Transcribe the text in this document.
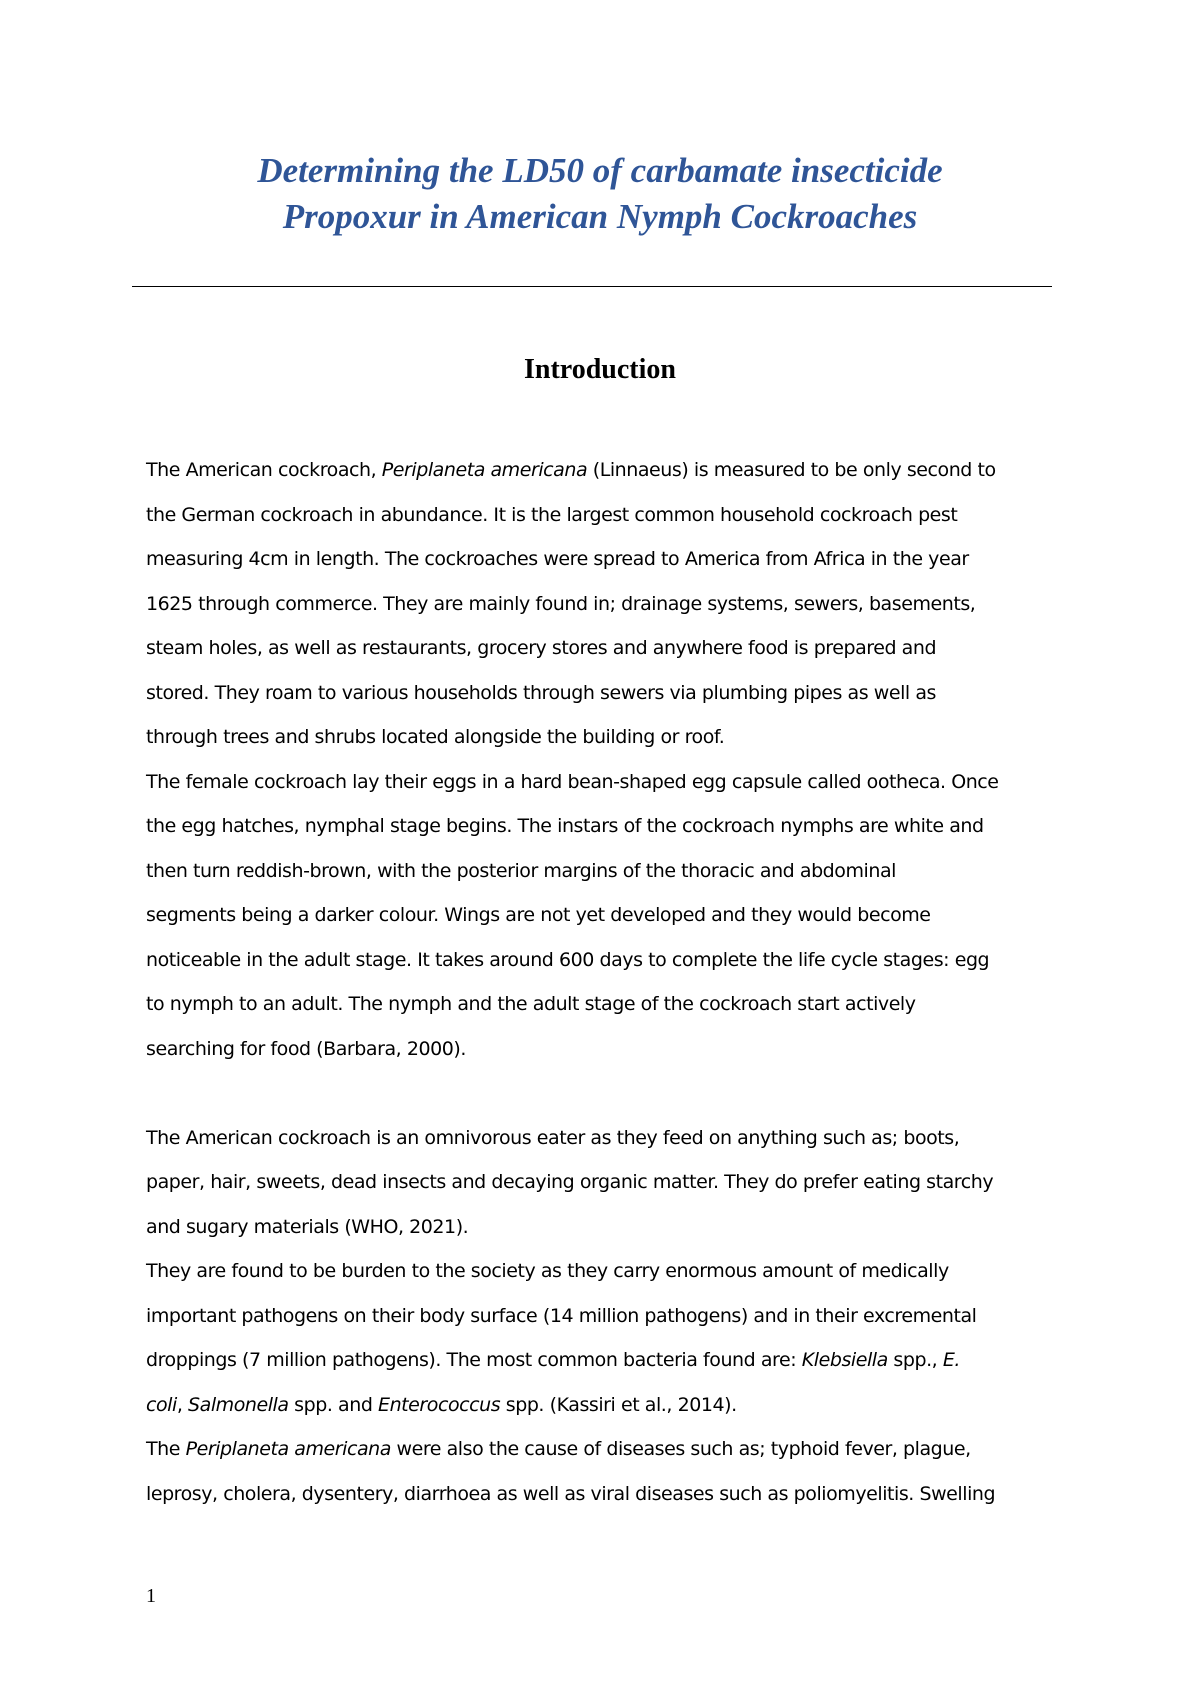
Determining the LD50 of carbamate insecticide
Propoxur in American Nymph Cockroaches
Introduction
The American cockroach, Periplaneta americana (Linnaeus) is measured to be only second to
the German cockroach in abundance. It is the largest common household cockroach pest
measuring 4cm in length. The cockroaches were spread to America from Africa in the year
1625 through commerce. They are mainly found in; drainage systems, sewers, basements,
steam holes, as well as restaurants, grocery stores and anywhere food is prepared and
stored. They roam to various households through sewers via plumbing pipes as well as
through trees and shrubs located alongside the building or roof.
The female cockroach lay their eggs in a hard bean-shaped egg capsule called ootheca. Once
the egg hatches, nymphal stage begins. The instars of the cockroach nymphs are white and
then turn reddish-brown, with the posterior margins of the thoracic and abdominal
segments being a darker colour. Wings are not yet developed and they would become
noticeable in the adult stage. It takes around 600 days to complete the life cycle stages: egg
to nymph to an adult. The nymph and the adult stage of the cockroach start actively
searching for food (Barbara, 2000).
The American cockroach is an omnivorous eater as they feed on anything such as; boots,
paper, hair, sweets, dead insects and decaying organic matter. They do prefer eating starchy
and sugary materials (WHO, 2021).
They are found to be burden to the society as they carry enormous amount of medically
important pathogens on their body surface (14 million pathogens) and in their excremental
droppings (7 million pathogens). The most common bacteria found are: Klebsiella spp., E.
coli, Salmonella spp. and Enterococcus spp. (Kassiri et al., 2014).
The Periplaneta americana were also the cause of diseases such as; typhoid fever, plague,
leprosy, cholera, dysentery, diarrhoea as well as viral diseases such as poliomyelitis. Swelling
1
